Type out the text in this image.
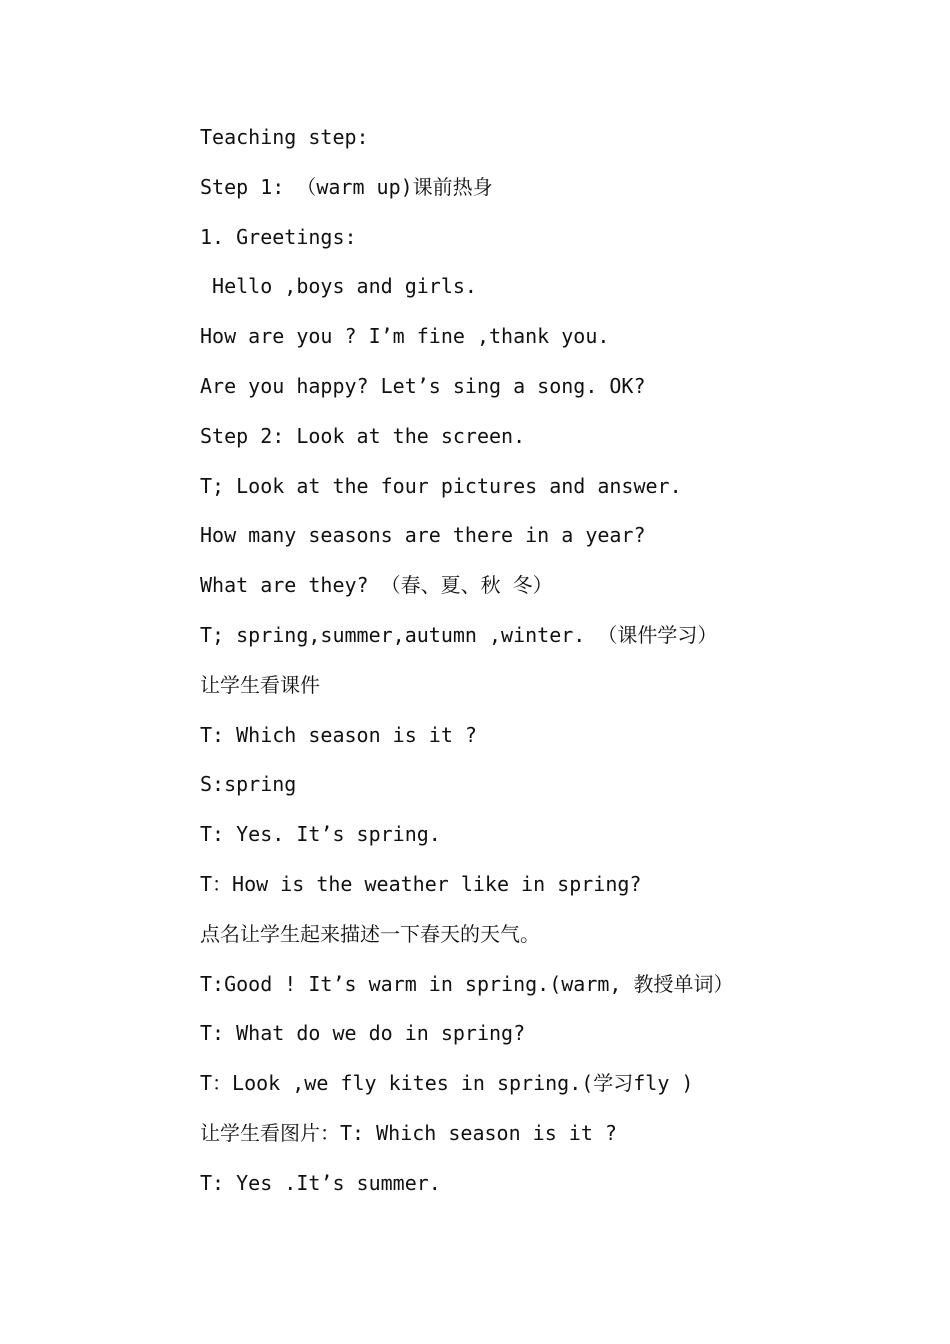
Teaching step:
Step 1: （warm up)课前热身
1. Greetings:
Hello ,boys and girls.
How are you ? I’m fine ,thank you.
Are you happy? Let’s sing a song. OK?
Step 2: Look at the screen.
T; Look at the four pictures and answer.
How many seasons are there in a year?
What are they? （春、夏、秋 冬）
T; spring,summer,autumn ,winter. （课件学习）
让学生看课件
T: Which season is it ?
S:spring
T: Yes. It’s spring.
T：How is the weather like in spring?
点名让学生起来描述一下春天的天气。
T:Good ! It’s warm in spring.(warm, 教授单词）
T: What do we do in spring?
T：Look ,we fly kites in spring.(学习fly )
让学生看图片：T: Which season is it ?
T: Yes .It’s summer.
